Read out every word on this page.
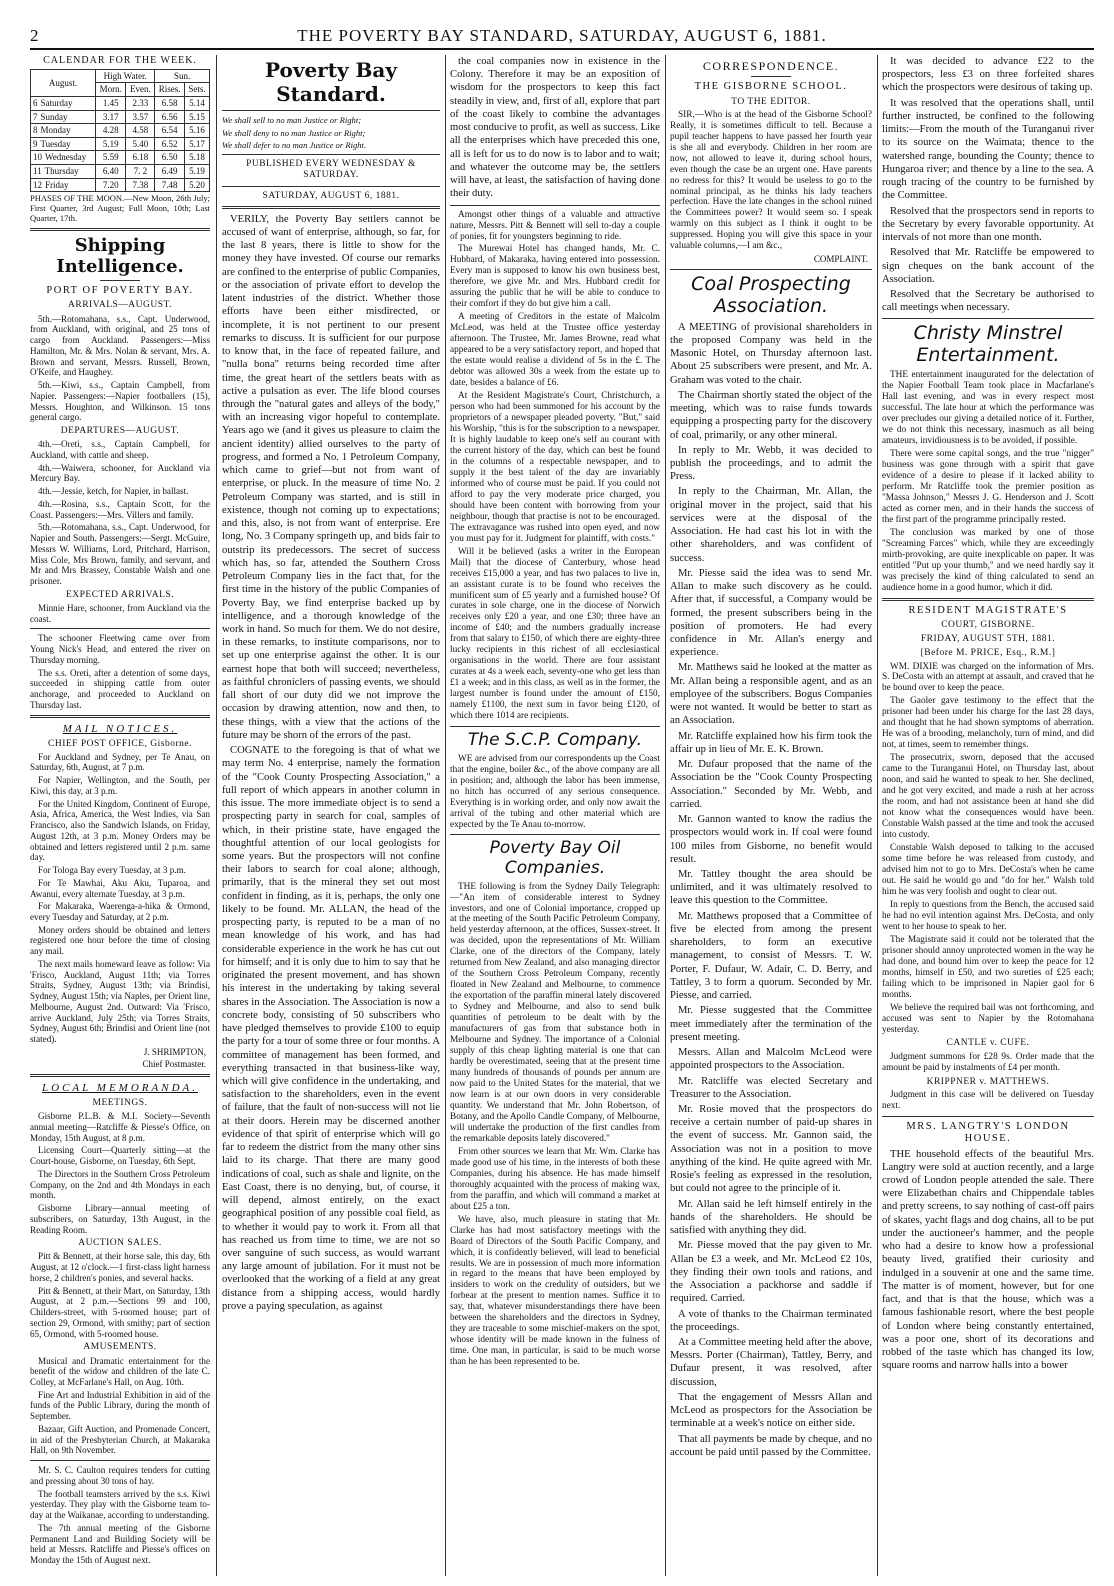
2	THE POVERTY BAY STANDARD, SATURDAY, AUGUST 6, 1881.
CALENDAR FOR THE WEEK.
August.	High Water.		Sun.	
	Morn.	Even.	Rises.	Sets.
6 Saturday	1.45	2.33	6.58	5.14
7 Sunday	3.17	3.57	6.56	5.15
8 Monday	4.28	4.58	6.54	5.16
9 Tuesday	5.19	5.40	6.52	5.17
10 Wednesday	5.59	6.18	6.50	5.18
11 Thursday	6.40	7. 2	6.49	5.19
12 Friday	7.20	7.38	7.48	5.20
PHASES OF THE MOON.—New Moon, 26th July; First Quarter, 3rd August; Full Moon, 10th; Last Quarter, 17th.
Shipping Intelligence.
PORT OF POVERTY BAY.
ARRIVALS—AUGUST.

5th.—Rotomahana, s.s., Capt. Underwood, from Auckland, with original, and 25 tons of cargo from Auckland. Passengers:—Miss Hamilton, Mr. & Mrs. Nolan & servant, Mrs. A. Brown and servant, Messrs. Russell, Brown, O'Keife, and Haughey.

5th.—Kiwi, s.s., Captain Campbell, from Napier. Passengers:—Napier footballers (15), Messrs. Houghton, and Wilkinson. 15 tons general cargo.

DEPARTURES—AUGUST.

4th.—Oreti, s.s., Captain Campbell, for Auckland, with cattle and sheep.

4th.—Waiwera, schooner, for Auckland via Mercury Bay.

4th.—Jessie, ketch, for Napier, in ballast.

4th.—Rosina, s.s., Captain Scott, for the Coast. Passengers:—Mrs. Villers and family.

5th.—Rotomahana, s.s., Capt. Underwood, for Napier and South. Passengers:—Sergt. McGuire, Messrs W. Williams, Lord, Pritchard, Harrison, Miss Cole, Mrs Brown, family, and servant, and Mr and Mrs Brassey, Constable Walsh and one prisoner.

EXPECTED ARRIVALS.

Minnie Hare, schooner, from Auckland via the coast.

The schooner Fleetwing came over from Young Nick's Head, and entered the river on Thursday morning.

The s.s. Oreti, after a detention of some days, succeeded in shipping cattle from outer anchorage, and proceeded to Auckland on Thursday last.

MAIL NOTICES.
CHIEF POST OFFICE, Gisborne.

For Auckland and Sydney, per Te Anau, on Saturday, 6th, August, at 7 p.m.

For Napier, Wellington, and the South, per Kiwi, this day, at 3 p.m.

For the United Kingdom, Continent of Europe, Asia, Africa, America, the West Indies, via San Francisco, also the Sandwich Islands, on Friday, August 12th, at 3 p.m. Money Orders may be obtained and letters registered until 2 p.m. same day.

For Tologa Bay every Tuesday, at 3 p.m.

For Te Mawhai, Aku Aku, Tuparoa, and Awanui, every alternate Tuesday, at 3 p.m.

For Makaraka, Waerenga-a-hika & Ormond, every Tuesday and Saturday, at 2 p.m.

Money orders should be obtained and letters registered one hour before the time of closing any mail.

The next mails homeward leave as follow: Via 'Frisco, Auckland, August 11th; via Torres Straits, Sydney, August 13th; via Brindisi, Sydney, August 15th; via Naples, per Orient line, Melbourne, August 2nd. Outward: Via 'Frisco, arrive Auckland, July 25th; via Torres Straits, Sydney, August 6th; Brindisi and Orient line (not stated).

J. SHRIMPTON,
Chief Postmaster.
LOCAL MEMORANDA.
MEETINGS.

Gisborne P.L.B. & M.I. Society—Seventh annual meeting—Ratcliffe & Piesse's Office, on Monday, 15th August, at 8 p.m.

Licensing Court—Quarterly sitting—at the Court-house, Gisborne, on Tuesday, 6th Sept.

The Directors in the Southern Cross Petroleum Company, on the 2nd and 4th Mondays in each month.

Gisborne Library—annual meeting of subscribers, on Saturday, 13th August, in the Reading Room.

AUCTION SALES.

Pitt & Bennett, at their horse sale, this day, 6th August, at 12 o'clock.—1 first-class light harness horse, 2 children's ponies, and several hacks.

Pitt & Bennett, at their Mart, on Saturday, 13th August, at 2 p.m.—Sections 99 and 100, Childers-street, with 5-roomed house; part of section 29, Ormond, with smithy; part of section 65, Ormond, with 5-roomed house.

AMUSEMENTS.

Musical and Dramatic entertainment for the benefit of the widow and children of the late C. Colley, at McFarlane's Hall, on Aug. 10th.

Fine Art and Industrial Exhibition in aid of the funds of the Public Library, during the month of September.

Bazaar, Gift Auction, and Promenade Concert, in aid of the Presbyterian Church, at Makaraka Hall, on 9th November.

Mr. S. C. Caulton requires tenders for cutting and pressing about 30 tons of hay.

The football teamsters arrived by the s.s. Kiwi yesterday. They play with the Gisborne team to-day at the Waikanae, according to understanding.

The 7th annual meeting of the Gisborne Permanent Land and Building Society will be held at Messrs. Ratcliffe and Piesse's offices on Monday the 15th of August next.

Poverty Bay Standard.
We shall sell to no man Justice or Right;
We shall deny to no man Justice or Right;
We shall defer to no man Justice or Right.
PUBLISHED EVERY WEDNESDAY & SATURDAY.
SATURDAY, AUGUST 6, 1881.

VERILY, the Poverty Bay settlers cannot be accused of want of enterprise, although, so far, for the last 8 years, there is little to show for the money they have invested. Of course our remarks are confined to the enterprise of public Companies, or the association of private effort to develop the latent industries of the district. Whether those efforts have been either misdirected, or incomplete, it is not pertinent to our present remarks to discuss. It is sufficient for our purpose to know that, in the face of repeated failure, and "nulla bona" returns being recorded time after time, the great heart of the settlers beats with as active a pulsation as ever. The life blood courses through the "natural gates and alleys of the body," with an increasing vigor hopeful to contemplate. Years ago we (and it gives us pleasure to claim the ancient identity) allied ourselves to the party of progress, and formed a No. 1 Petroleum Company, which came to grief—but not from want of enterprise, or pluck. In the measure of time No. 2 Petroleum Company was started, and is still in existence, though not coming up to expectations; and this, also, is not from want of enterprise. Ere long, No. 3 Company springeth up, and bids fair to outstrip its predecessors. The secret of success which has, so far, attended the Southern Cross Petroleum Company lies in the fact that, for the first time in the history of the public Companies of Poverty Bay, we find enterprise backed up by intelligence, and a thorough knowledge of the work in hand. So much for them. We do not desire, in these remarks, to institute comparisons, nor to set up one enterprise against the other. It is our earnest hope that both will succeed; nevertheless, as faithful chroniclers of passing events, we should fall short of our duty did we not improve the occasion by drawing attention, now and then, to these things, with a view that the actions of the future may be shorn of the errors of the past.

COGNATE to the foregoing is that of what we may term No. 4 enterprise, namely the formation of the "Cook County Prospecting Association," a full report of which appears in another column in this issue. The more immediate object is to send a prospecting party in search for coal, samples of which, in their pristine state, have engaged the thoughtful attention of our local geologists for some years. But the prospectors will not confine their labors to search for coal alone; although, primarily, that is the mineral they set out most confident in finding, as it is, perhaps, the only one likely to be found. Mr. ALLAN, the head of the prospecting party, is reputed to be a man of no mean knowledge of his work, and has had considerable experience in the work he has cut out for himself; and it is only due to him to say that he originated the present movement, and has shown his interest in the undertaking by taking several shares in the Association. The Association is now a concrete body, consisting of 50 subscribers who have pledged themselves to provide £100 to equip the party for a tour of some three or four months. A committee of management has been formed, and everything transacted in that business-like way, which will give confidence in the undertaking, and satisfaction to the shareholders, even in the event of failure, that the fault of non-success will not lie at their doors. Herein may be discerned another evidence of that spirit of enterprise which will go far to redeem the district from the many other sins laid to its charge. That there are many good indications of coal, such as shale and lignite, on the East Coast, there is no denying, but, of course, it will depend, almost entirely, on the exact geographical position of any possible coal field, as to whether it would pay to work it. From all that has reached us from time to time, we are not so over sanguine of such success, as would warrant any large amount of jubilation. For it must not be overlooked that the working of a field at any great distance from a shipping access, would hardly prove a paying speculation, as against

the coal companies now in existence in the Colony. Therefore it may be an exposition of wisdom for the prospectors to keep this fact steadily in view, and, first of all, explore that part of the coast likely to combine the advantages most conducive to profit, as well as success. Like all the enterprises which have preceded this one, all is left for us to do now is to labor and to wait; and whatever the outcome may be, the settlers will have, at least, the satisfaction of having done their duty.

Amongst other things of a valuable and attractive nature, Messrs. Pitt & Bennett will sell to-day a couple of ponies, fit for youngsters beginning to ride.

The Murewai Hotel has changed hands, Mr. C. Hubbard, of Makaraka, having entered into possession. Every man is supposed to know his own business best, therefore, we give Mr. and Mrs. Hubbard credit for assuring the public that he will be able to conduce to their comfort if they do but give him a call.

A meeting of Creditors in the estate of Malcolm McLeod, was held at the Trustee office yesterday afternoon. The Trustee, Mr. James Browne, read what appeared to be a very satisfactory report, and hoped that the estate would realise a dividend of 5s in the £. The debtor was allowed 30s a week from the estate up to date, besides a balance of £6.

At the Resident Magistrate's Court, Christchurch, a person who had been summoned for his account by the proprietors of a newspaper pleaded poverty. "But," said his Worship, "this is for the subscription to a newspaper. It is highly laudable to keep one's self au courant with the current history of the day, which can best be found in the columns of a respectable newspaper, and to supply it the best talent of the day are invariably informed who of course must be paid. If you could not afford to pay the very moderate price charged, you should have been content with borrowing from your neighbour, though that practise is not to be encouraged. The extravagance was rushed into open eyed, and now you must pay for it. Judgment for plaintiff, with costs."

Will it be believed (asks a writer in the European Mail) that the diocese of Canterbury, whose head receives £15,000 a year, and has two palaces to live in, an assistant curate is to be found who receives the munificent sum of £5 yearly and a furnished house? Of curates in sole charge, one in the diocese of Norwich receives only £20 a year, and one £30; three have an income of £40; and the numbers gradually increase from that salary to £150, of which there are eighty-three lucky recipients in this richest of all ecclesiastical organisations in the world. There are four assistant curates at 4s a week each, seventy-one who get less than £1 a week; and in this class, as well as in the former, the largest number is found under the amount of £150, namely £1100, the next sum in favor being £120, of which there 1014 are recipients.

The S.C.P. Company.

WE are advised from our correspondents up the Coast that the engine, boiler &c., of the above company are all in position; and, although the labor has been immense, no hitch has occurred of any serious consequence. Everything is in working order, and only now await the arrival of the tubing and other material which are expected by the Te Anau to-morrow.

Poverty Bay Oil Companies.

THE following is from the Sydney Daily Telegraph:—"An item of considerable interest to Sydney investors, and one of Colonial importance, cropped up at the meeting of the South Pacific Petroleum Company, held yesterday afternoon, at the offices, Sussex-street. It was decided, upon the representations of Mr. William Clarke, one of the directors of the Company, lately returned from New Zealand, and also managing director of the Southern Cross Petroleum Company, recently floated in New Zealand and Melbourne, to commence the exportation of the paraffin mineral lately discovered to Sydney and Melbourne, and also to send bulk quantities of petroleum to be dealt with by the manufacturers of gas from that substance both in Melbourne and Sydney. The importance of a Colonial supply of this cheap lighting material is one that can hardly be overestimated, seeing that at the present time many hundreds of thousands of pounds per annum are now paid to the United States for the material, that we now learn is at our own doors in very considerable quantity. We understand that Mr. John Robertson, of Botany, and the Apollo Candle Company, of Melbourne, will undertake the production of the first candles from the remarkable deposits lately discovered."

From other sources we learn that Mr. Wm. Clarke has made good use of his time, in the interests of both these Companies, during his absence. He has made himself thoroughly acquainted with the process of making wax, from the paraffin, and which will command a market at about £25 a ton.

We have, also, much pleasure in stating that Mr. Clarke has had most satisfactory meetings with the Board of Directors of the South Pacific Company, and which, it is confidently believed, will lead to beneficial results. We are in possession of much more information in regard to the means that have been employed by insiders to work on the credulity of outsiders, but we forbear at the present to mention names. Suffice it to say, that, whatever misunderstandings there have been between the shareholders and the directors in Sydney, they are traceable to some mischief-makers on the spot, whose identity will be made known in the fulness of time. One man, in particular, is said to be much worse than he has been represented to be.

CORRESPONDENCE.
THE GISBORNE SCHOOL.
TO THE EDITOR.

SIR,—Who is at the head of the Gisborne School? Really, it is sometimes difficult to tell. Because a pupil teacher happens to have passed her fourth year is she all and everybody. Children in her room are now, not allowed to leave it, during school hours, even though the case be an urgent one. Have parents no redress for this? It would be useless to go to the nominal principal, as he thinks his lady teachers perfection. Have the late changes in the school ruined the Committees power? It would seem so. I speak warmly on this subject as I think it ought to be suppressed. Hoping you will give this space in your valuable columns,—I am &c.,

COMPLAINT.
Coal Prospecting Association.

A MEETING of provisional shareholders in the proposed Company was held in the Masonic Hotel, on Thursday afternoon last. About 25 subscribers were present, and Mr. A. Graham was voted to the chair.

The Chairman shortly stated the object of the meeting, which was to raise funds towards equipping a prospecting party for the discovery of coal, primarily, or any other mineral.

In reply to Mr. Webb, it was decided to publish the proceedings, and to admit the Press.

In reply to the Chairman, Mr. Allan, the original mover in the project, said that his services were at the disposal of the Association. He had cast his lot in with the other shareholders, and was confident of success.

Mr. Piesse said the idea was to send Mr. Allan to make such discovery as he could. After that, if successful, a Company would be formed, the present subscribers being in the position of promoters. He had every confidence in Mr. Allan's energy and experience.

Mr. Matthews said he looked at the matter as Mr. Allan being a responsible agent, and as an employee of the subscribers. Bogus Companies were not wanted. It would be better to start as an Association.

Mr. Ratcliffe explained how his firm took the affair up in lieu of Mr. E. K. Brown.

Mr. Dufaur proposed that the name of the Association be the "Cook County Prospecting Association." Seconded by Mr. Webb, and carried.

Mr. Gannon wanted to know the radius the prospectors would work in. If coal were found 100 miles from Gisborne, no benefit would result.

Mr. Tattley thought the area should be unlimited, and it was ultimately resolved to leave this question to the Committee.

Mr. Matthews proposed that a Committee of five be elected from among the present shareholders, to form an executive management, to consist of Messrs. T. W. Porter, F. Dufaur, W. Adair, C. D. Berry, and Tattley, 3 to form a quorum. Seconded by Mr. Piesse, and carried.

Mr. Piesse suggested that the Committee meet immediately after the termination of the present meeting.

Messrs. Allan and Malcolm McLeod were appointed prospectors to the Association.

Mr. Ratcliffe was elected Secretary and Treasurer to the Association.

Mr. Rosie moved that the prospectors do receive a certain number of paid-up shares in the event of success. Mr. Gannon said, the Association was not in a position to move anything of the kind. He quite agreed with Mr. Rosie's feeling as expressed in the resolution, but could not agree to the principle of it.

Mr. Allan said he left himself entirely in the hands of the shareholders. He should be satisfied with anything they did.

Mr. Piesse moved that the pay given to Mr. Allan be £3 a week, and Mr. McLeod £2 10s, they finding their own tools and rations, and the Association a packhorse and saddle if required. Carried.

A vote of thanks to the Chairman terminated the proceedings.

At a Committee meeting held after the above, Messrs. Porter (Chairman), Tattley, Berry, and Dufaur present, it was resolved, after discussion,

That the engagement of Messrs Allan and McLeod as prospectors for the Association be terminable at a week's notice on either side.

That all payments be made by cheque, and no account be paid until passed by the Committee.

It was decided to advance £22 to the prospectors, less £3 on three forfeited shares which the prospectors were desirous of taking up.

It was resolved that the operations shall, until further instructed, be confined to the following limits:—From the mouth of the Turanganui river to its source on the Waimata; thence to the watershed range, bounding the County; thence to Hungaroa river; and thence by a line to the sea. A rough tracing of the country to be furnished by the Committee.

Resolved that the prospectors send in reports to the Secretary by every favorable opportunity. At intervals of not more than one month.

Resolved that Mr. Ratcliffe be empowered to sign cheques on the bank account of the Association.

Resolved that the Secretary be authorised to call meetings when necessary.

Christy Minstrel Entertainment.

THE entertainment inaugurated for the delectation of the Napier Football Team took place in Macfarlane's Hall last evening, and was in every respect most successful. The late hour at which the performance was over precludes our giving a detailed notice of it. Further, we do not think this necessary, inasmuch as all being amateurs, invidiousness is to be avoided, if possible.

There were some capital songs, and the true "nigger" business was gone through with a spirit that gave evidence of a desire to please if it lacked ability to perform. Mr Ratcliffe took the premier position as "Massa Johnson," Messrs J. G. Henderson and J. Scott acted as corner men, and in their hands the success of the first part of the programme principally rested.

The conclusion was marked by one of those "Screaming Farces" which, while they are exceedingly mirth-provoking, are quite inexplicable on paper. It was entitled "Put up your thumb," and we need hardly say it was precisely the kind of thing calculated to send an audience home in a good humor, which it did.

RESIDENT MAGISTRATE'S
COURT, GISBORNE.
FRIDAY, AUGUST 5TH, 1881.
[Before M. PRICE, Esq., R.M.]

WM. DIXIE was charged on the information of Mrs. S. DeCosta with an attempt at assault, and craved that he be bound over to keep the peace.

The Gaoler gave testimony to the effect that the prisoner had been under his charge for the last 28 days, and thought that he had shown symptoms of aberration. He was of a brooding, melancholy, turn of mind, and did not, at times, seem to remember things.

The prosecutrix, sworn, deposed that the accused came to the Turanganui Hotel, on Thursday last, about noon, and said he wanted to speak to her. She declined, and he got very excited, and made a rush at her across the room, and had not assistance been at hand she did not know what the consequences would have been. Constable Walsh passed at the time and took the accused into custody.

Constable Walsh deposed to talking to the accused some time before he was released from custody, and advised him not to go to Mrs. DeCosta's when he came out. He said he would go and "do for her." Walsh told him he was very foolish and ought to clear out.

In reply to questions from the Bench, the accused said he had no evil intention against Mrs. DeCosta, and only went to her house to speak to her.

The Magistrate said it could not be tolerated that the prisoner should annoy unprotected women in the way he had done, and bound him over to keep the peace for 12 months, himself in £50, and two sureties of £25 each; failing which to be imprisoned in Napier gaol for 6 months.

We believe the required bail was not forthcoming, and accused was sent to Napier by the Rotomahana yesterday.

CANTLE v. CUFE.

Judgment summons for £28 9s. Order made that the amount be paid by instalments of £4 per month.

KRIPPNER v. MATTHEWS.

Judgment in this case will be delivered on Tuesday next.

MRS. LANGTRY'S LONDON HOUSE.

THE household effects of the beautiful Mrs. Langtry were sold at auction recently, and a large crowd of London people attended the sale. There were Elizabethan chairs and Chippendale tables and pretty screens, to say nothing of cast-off pairs of skates, yacht flags and dog chains, all to be put under the auctioneer's hammer, and the people who had a desire to know how a professional beauty lived, gratified their curiosity and indulged in a souvenir at one and the same time. The matter is of moment, however, but for one fact, and that is that the house, which was a famous fashionable resort, where the best people of London where being constantly entertained, was a poor one, short of its decorations and robbed of the taste which has changed its low, square rooms and narrow halls into a bower
